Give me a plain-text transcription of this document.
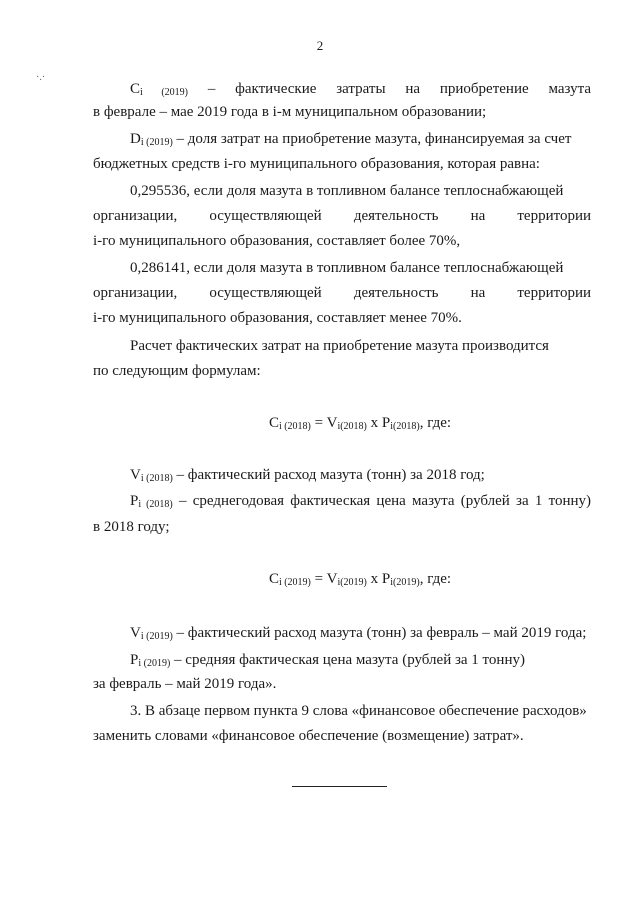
2
·.·
$C_{i (2019)}$ – фактические затраты на приобретение мазута
в феврале – мае 2019 года в i-м муниципальном образовании;
$D_{i (2019)}$ – доля затрат на приобретение мазута, финансируемая за счет
бюджетных средств i-го муниципального образования, которая равна:
0,295536, если доля мазута в топливном балансе теплоснабжающей
организации, осуществляющей деятельность на территории
i-го муниципального образования, составляет более 70%,
0,286141, если доля мазута в топливном балансе теплоснабжающей
организации, осуществляющей деятельность на территории
i-го муниципального образования, составляет менее 70%.
Расчет фактических затрат на приобретение мазута производится
по следующим формулам:
$C_{i (2018)} = V_{i(2018)}$ x $P_{i(2018)}$, где:
$V_{i (2018)}$ – фактический расход мазута (тонн) за 2018 год;
$P_{i (2018)}$ – среднегодовая фактическая цена мазута (рублей за 1 тонну)
в 2018 году;
$C_{i (2019)} = V_{i(2019)}$ x $P_{i(2019)}$, где:
$V_{i (2019)}$ – фактический расход мазута (тонн) за февраль – май 2019 года;
$P_{i (2019)}$ – средняя фактическая цена мазута (рублей за 1 тонну)
за февраль – май 2019 года».
3. В абзаце первом пункта 9 слова «финансовое обеспечение расходов»
заменить словами «финансовое обеспечение (возмещение) затрат».
